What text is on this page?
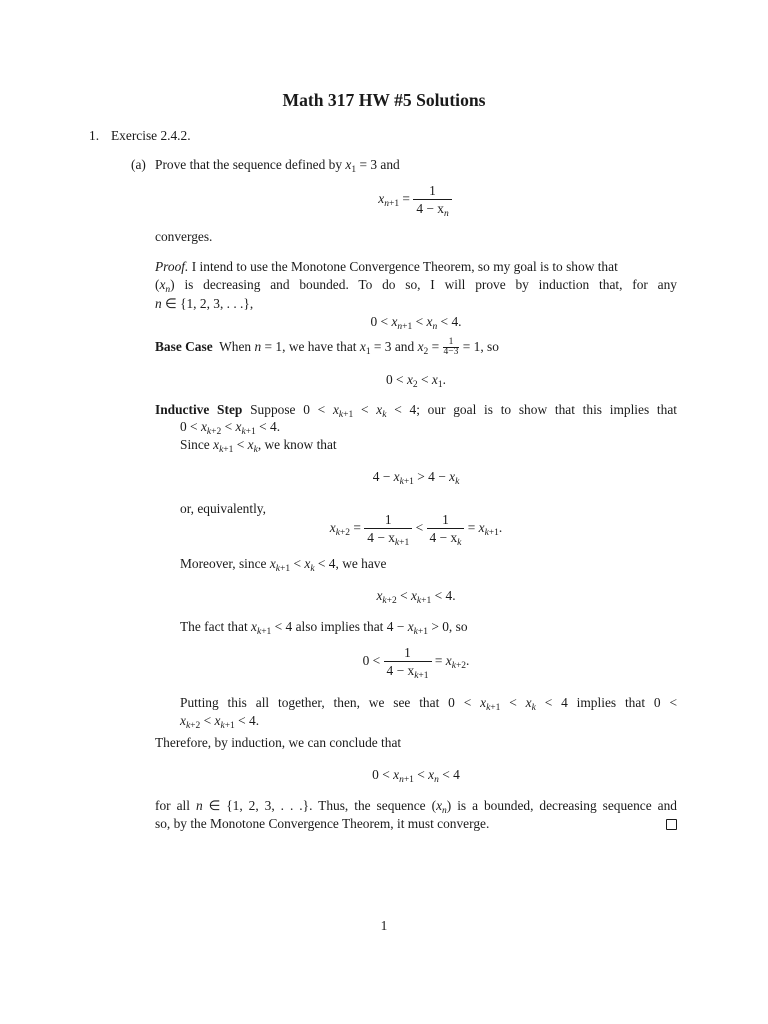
Math 317 HW #5 Solutions
1. Exercise 2.4.2.
(a) Prove that the sequence defined by $x_1 = 3$ and
$x_{n+1} = \frac{1}{4 - x_n}$
converges.
Proof. I intend to use the Monotone Convergence Theorem, so my goal is to show that
$(x_n)$ is decreasing and bounded. To do so, I will prove by induction that, for any
n ∈ {1, 2, 3, . . .},
$0 < x_{n+1} < x_n < 4$.
Base Case When n = 1, we have that $x_1 = 3$ and $x_2 = \frac{1}{4-3} = 1$, so
$0 < x_2 < x_1$.
Inductive Step Suppose $0 < x_{k+1} < x_k < 4$; our goal is to show that this implies that
$0 < x_{k+2} < x_{k+1} < 4$.
Since $x_{k+1} < x_k$, we know that
$4 - x_{k+1} > 4 - x_k$
or, equivalently,
$x_{k+2} = \frac{1}{4 - x_{k+1}} < \frac{1}{4 - x_k} = x_{k+1}$.
Moreover, since $x_{k+1} < x_k < 4$, we have
$x_{k+2} < x_{k+1} < 4$.
The fact that $x_{k+1} < 4$ also implies that $4 - x_{k+1} > 0$, so
$0 < \frac{1}{4 - x_{k+1}} = x_{k+2}$.
Putting this all together, then, we see that $0 < x_{k+1} < x_k < 4$ implies that 0 <
$x_{k+2} < x_{k+1} < 4$.
Therefore, by induction, we can conclude that
$0 < x_{n+1} < x_n < 4$
for all n ∈ {1, 2, 3, . . .}. Thus, the sequence $(x_n)$ is a bounded, decreasing sequence and
so, by the Monotone Convergence Theorem, it must converge.
1
